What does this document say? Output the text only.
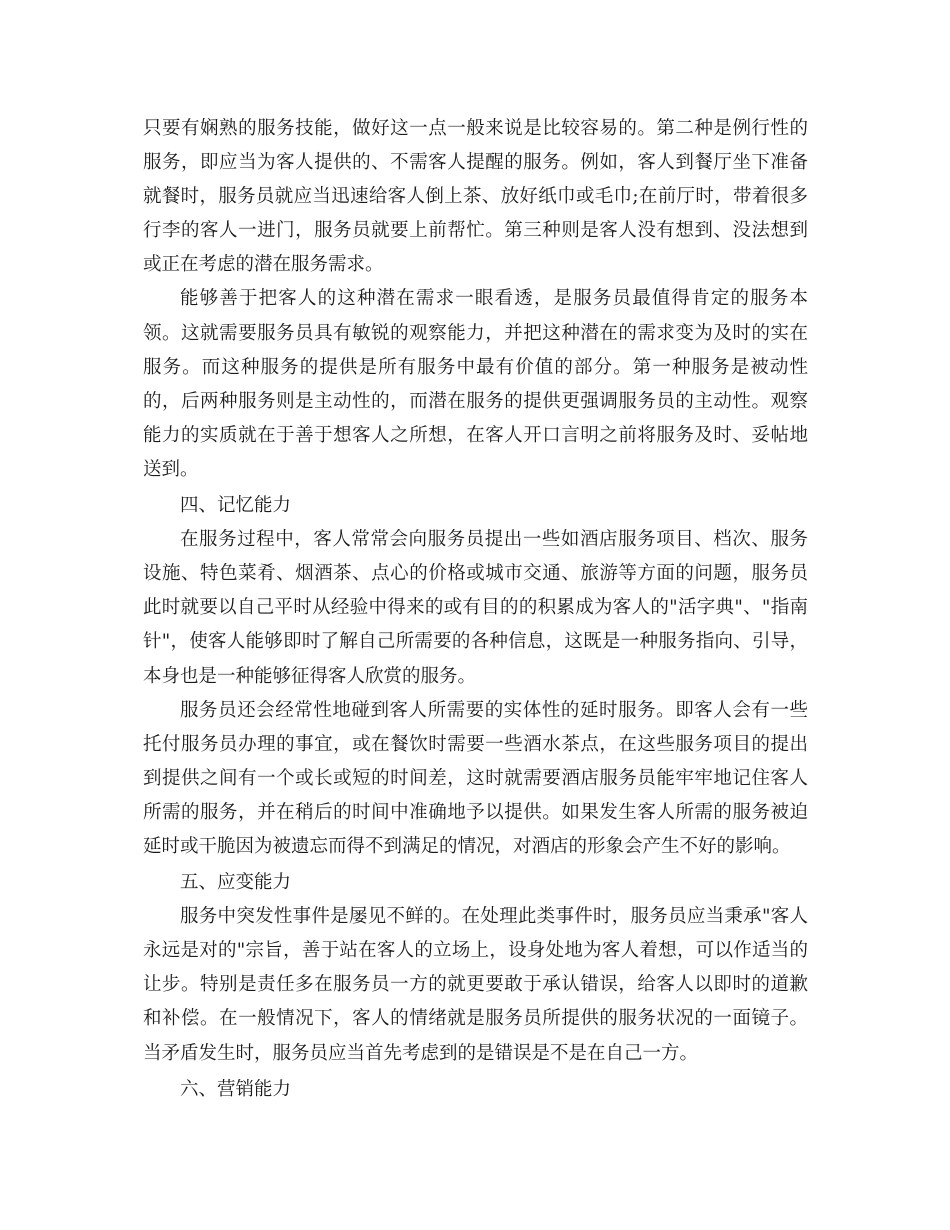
只要有娴熟的服务技能，做好这一点一般来说是比较容易的。第二种是例行性的服务，即应当为客人提供的、不需客人提醒的服务。例如，客人到餐厅坐下准备就餐时，服务员就应当迅速给客人倒上茶、放好纸巾或毛巾;在前厅时，带着很多行李的客人一进门，服务员就要上前帮忙。第三种则是客人没有想到、没法想到或正在考虑的潜在服务需求。

能够善于把客人的这种潜在需求一眼看透，是服务员最值得肯定的服务本领。这就需要服务员具有敏锐的观察能力，并把这种潜在的需求变为及时的实在服务。而这种服务的提供是所有服务中最有价值的部分。第一种服务是被动性的，后两种服务则是主动性的，而潜在服务的提供更强调服务员的主动性。观察能力的实质就在于善于想客人之所想，在客人开口言明之前将服务及时、妥帖地送到。

四、记忆能力

在服务过程中，客人常常会向服务员提出一些如酒店服务项目、档次、服务设施、特色菜肴、烟酒茶、点心的价格或城市交通、旅游等方面的问题，服务员此时就要以自己平时从经验中得来的或有目的的积累成为客人的"活字典"、"指南针"，使客人能够即时了解自己所需要的各种信息，这既是一种服务指向、引导，本身也是一种能够征得客人欣赏的服务。

服务员还会经常性地碰到客人所需要的实体性的延时服务。即客人会有一些托付服务员办理的事宜，或在餐饮时需要一些酒水茶点，在这些服务项目的提出到提供之间有一个或长或短的时间差，这时就需要酒店服务员能牢牢地记住客人所需的服务，并在稍后的时间中准确地予以提供。如果发生客人所需的服务被迫延时或干脆因为被遗忘而得不到满足的情况，对酒店的形象会产生不好的影响。

五、应变能力

服务中突发性事件是屡见不鲜的。在处理此类事件时，服务员应当秉承"客人永远是对的"宗旨，善于站在客人的立场上，设身处地为客人着想，可以作适当的让步。特别是责任多在服务员一方的就更要敢于承认错误，给客人以即时的道歉和补偿。在一般情况下，客人的情绪就是服务员所提供的服务状况的一面镜子。当矛盾发生时，服务员应当首先考虑到的是错误是不是在自己一方。

六、营销能力
